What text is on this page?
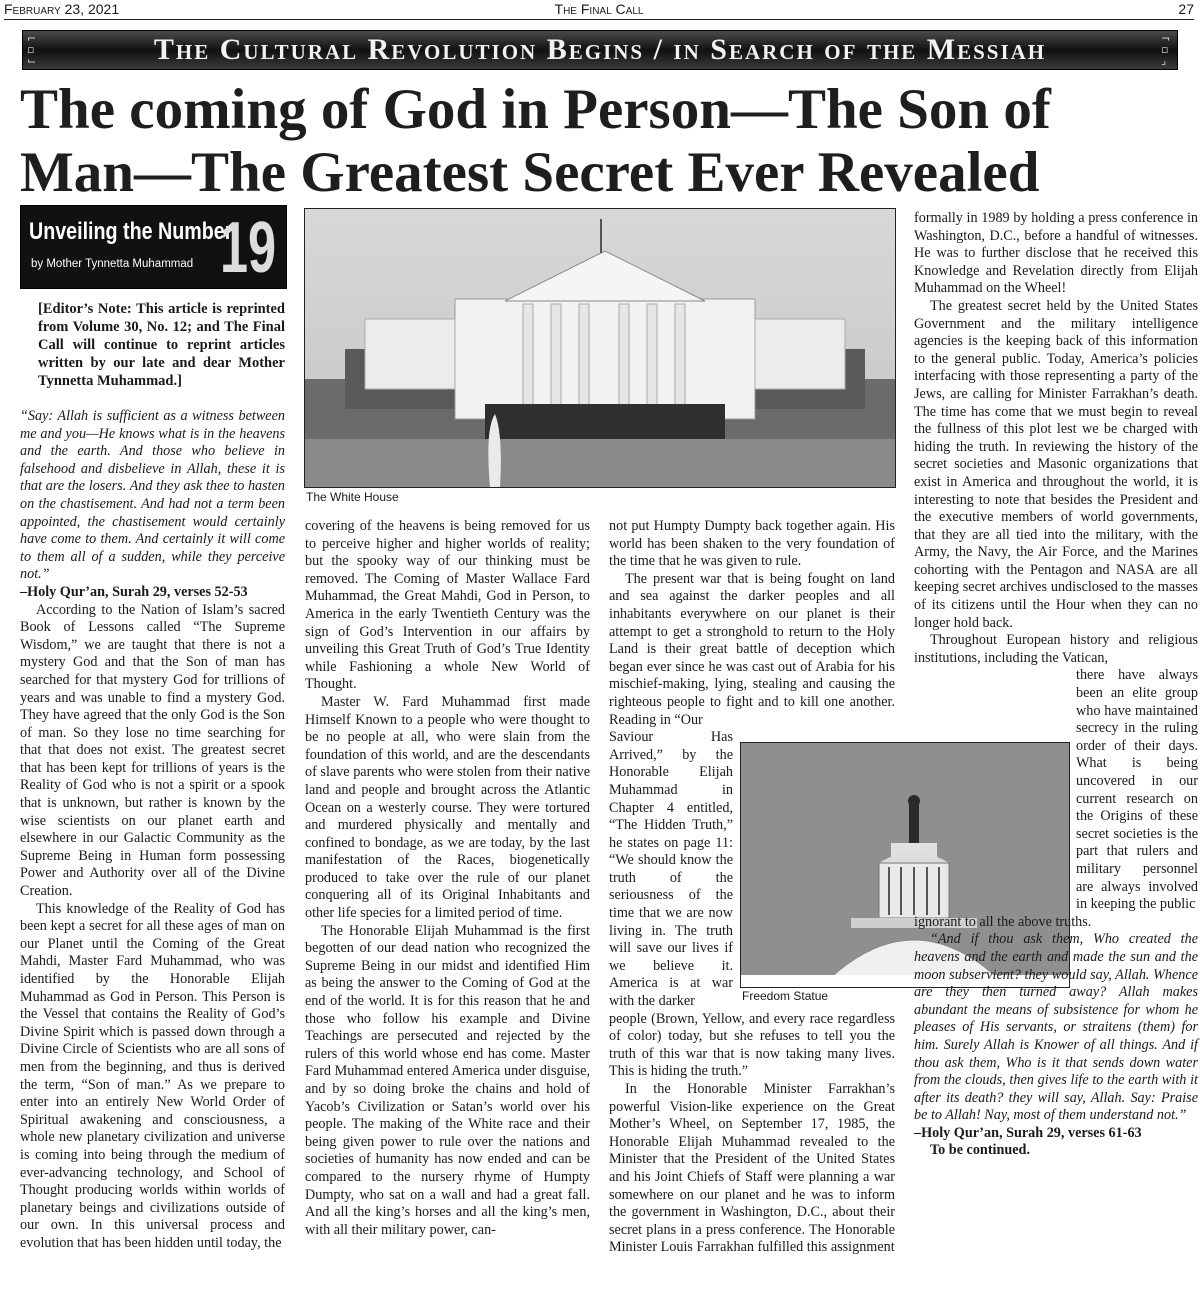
February 23, 2021	The Final Call	27
⌐
▫
⌙	The Cultural Revolution Begins / in Search of the Messiah	¬
▫
⌟
The coming of God in Person—The Son of
Man—The Greatest Secret Ever Revealed
Unveiling the Number
by Mother Tynnetta Muhammad 19

[Editor’s Note: This article is reprinted from Volume 30, No. 12; and The Final Call will continue to reprint articles written by our late and dear Mother Tynnetta Muhammad.]

“Say: Allah is sufficient as a witness between me and you—He knows what is in the heavens and the earth. And those who believe in falsehood and disbelieve in Allah, these it is that are the losers. And they ask thee to hasten on the chastisement. And had not a term been appointed, the chastisement would certainly have come to them. And certainly it will come to them all of a sudden, while they perceive not.”

–Holy Qur’an, Surah 29, verses 52-53

According to the Nation of Islam’s sacred Book of Lessons called “The Supreme Wisdom,” we are taught that there is not a mystery God and that the Son of man has searched for that mystery God for trillions of years and was unable to find a mystery God. They have agreed that the only God is the Son of man. So they lose no time searching for that that does not exist. The greatest secret that has been kept for trillions of years is the Reality of God who is not a spirit or a spook that is unknown, but rather is known by the wise scientists on our planet earth and elsewhere in our Galactic Community as the Supreme Being in Human form possessing Power and Authority over all of the Divine Creation.

This knowledge of the Reality of God has been kept a secret for all these ages of man on our Planet until the Coming of the Great Mahdi, Master Fard Muhammad, who was identified by the Honorable Elijah Muhammad as God in Person. This Person is the Vessel that contains the Reality of God’s Divine Spirit which is passed down through a Divine Circle of Scientists who are all sons of men from the beginning, and thus is derived the term, “Son of man.” As we prepare to enter into an entirely New World Order of Spiritual awakening and consciousness, a whole new planetary civilization and universe is coming into being through the medium of ever-advancing technology, and School of Thought producing worlds within worlds of planetary beings and civilizations outside of our own. In this universal process and evolution that has been hidden until today, the

The White House

covering of the heavens is being removed for us to perceive higher and higher worlds of reality; but the spooky way of our thinking must be removed. The Coming of Master Wallace Fard Muhammad, the Great Mahdi, God in Person, to America in the early Twentieth Century was the sign of God’s Intervention in our affairs by unveiling this Great Truth of God’s True Identity while Fashioning a whole New World of Thought.

Master W. Fard Muhammad first made Himself Known to a people who were thought to be no people at all, who were slain from the foundation of this world, and are the descendants of slave parents who were stolen from their native land and people and brought across the Atlantic Ocean on a westerly course. They were tortured and murdered physically and mentally and confined to bondage, as we are today, by the last manifestation of the Races, biogenetically produced to take over the rule of our planet conquering all of its Original Inhabitants and other life species for a limited period of time.

The Honorable Elijah Muhammad is the first begotten of our dead nation who recognized the Supreme Being in our midst and identified Him as being the answer to the Coming of God at the end of the world. It is for this reason that he and those who follow his example and Divine Teachings are persecuted and rejected by the rulers of this world whose end has come. Master Fard Muhammad entered America under disguise, and by so doing broke the chains and hold of Yacob’s Civilization or Satan’s world over his people. The making of the White race and their being given power to rule over the nations and societies of humanity has now ended and can be compared to the nursery rhyme of Humpty Dumpty, who sat on a wall and had a great fall. And all the king’s horses and all the king’s men, with all their military power, can-

not put Humpty Dumpty back together again. His world has been shaken to the very foundation of the time that he was given to rule.

The present war that is being fought on land and sea against the darker peoples and all inhabitants everywhere on our planet is their attempt to get a stronghold to return to the Holy Land is their great battle of deception which began ever since he was cast out of Arabia for his mischief-making, lying, stealing and causing the righteous people to fight and to kill one another. Reading in “Our

Saviour Has Arrived,” by the Honorable Elijah Muhammad in Chapter 4 entitled, “The Hidden Truth,” he states on page 11: “We should know the truth of the seriousness of the time that we are now living in. The truth will save our lives if we believe it. America is at war with the darker

people (Brown, Yellow, and every race regardless of color) today, but she refuses to tell you the truth of this war that is now taking many lives. This is hiding the truth.”

In the Honorable Minister Farrakhan’s powerful Vision-like experience on the Great Mother’s Wheel, on September 17, 1985, the Honorable Elijah Muhammad revealed to the Minister that the President of the United States and his Joint Chiefs of Staff were planning a war somewhere on our planet and he was to inform the government in Washington, D.C., about their secret plans in a press conference. The Honorable Minister Louis Farrakhan fulfilled this assignment

Freedom Statue

formally in 1989 by holding a press conference in Washington, D.C., before a handful of witnesses. He was to further disclose that he received this Knowledge and Revelation directly from Elijah Muhammad on the Wheel!

The greatest secret held by the United States Government and the military intelligence agencies is the keeping back of this information to the general public. Today, America’s policies interfacing with those representing a party of the Jews, are calling for Minister Farrakhan’s death. The time has come that we must begin to reveal the fullness of this plot lest we be charged with hiding the truth. In reviewing the history of the secret societies and Masonic organizations that exist in America and throughout the world, it is interesting to note that besides the President and the executive members of world governments, that they are all tied into the military, with the Army, the Navy, the Air Force, and the Marines cohorting with the Pentagon and NASA are all keeping secret archives undisclosed to the masses of its citizens until the Hour when they can no longer hold back.

Throughout European history and religious institutions, including the Vatican,

there have always been an elite group who have maintained secrecy in the ruling order of their days. What is being uncovered in our current research on the Origins of these secret societies is the part that rulers and military personnel are always involved in keeping the public

ignorant to all the above truths.

“And if thou ask them, Who created the heavens and the earth and made the sun and the moon subservient? they would say, Allah. Whence are they then turned away? Allah makes abundant the means of subsistence for whom he pleases of His servants, or straitens (them) for him. Surely Allah is Knower of all things. And if thou ask them, Who is it that sends down water from the clouds, then gives life to the earth with it after its death? they will say, Allah. Say: Praise be to Allah! Nay, most of them understand not.”

–Holy Qur’an, Surah 29, verses 61-63

To be continued.
